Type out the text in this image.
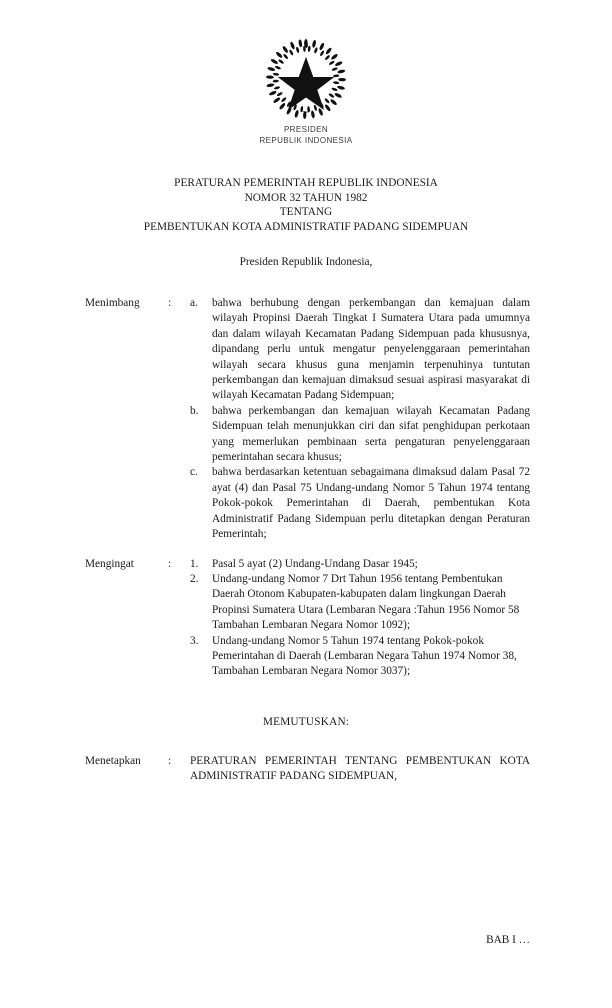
PRESIDEN
REPUBLIK INDONESIA
PERATURAN PEMERINTAH REPUBLIK INDONESIA
NOMOR 32 TAHUN 1982
TENTANG
PEMBENTUKAN KOTA ADMINISTRATIF PADANG SIDEMPUAN
Presiden Republik Indonesia,
Menimbang	:	a.	bahwa berhubung dengan perkembangan dan kemajuan dalam wilayah Propinsi Daerah Tingkat I Sumatera Utara pada umumnya dan dalam wilayah Kecamatan Padang Sidempuan pada khususnya, dipandang perlu untuk mengatur penyelenggaraan pemerintahan wilayah secara khusus guna menjamin terpenuhinya tuntutan perkembangan dan kemajuan dimaksud sesuai aspirasi masyarakat di wilayah Kecamatan Padang Sidempuan;
b.	bahwa perkembangan dan kemajuan wilayah Kecamatan Padang Sidempuan telah menunjukkan ciri dan sifat penghidupan perkotaan yang memerlukan pembinaan serta pengaturan penyelenggaraan pemerintahan secara khusus;
c.	bahwa berdasarkan ketentuan sebagaimana dimaksud dalam Pasal 72 ayat (4) dan Pasal 75 Undang-undang Nomor 5 Tahun 1974 tentang Pokok-pokok Pemerintahan di Daerah, pembentukan Kota Administratif Padang Sidempuan perlu ditetapkan dengan Peraturan Pemerintah;
Mengingat	:	1.	Pasal 5 ayat (2) Undang-Undang Dasar 1945;
2.	Undang-undang Nomor 7 Drt Tahun 1956 tentang Pembentukan Daerah Otonom Kabupaten-kabupaten dalam lingkungan Daerah Propinsi Sumatera Utara (Lembaran Negara :Tahun 1956 Nomor 58 Tambahan Lembaran Negara Nomor 1092);
3.	Undang-undang Nomor 5 Tahun 1974 tentang Pokok-pokok Pemerintahan di Daerah (Lembaran Negara Tahun 1974 Nomor 38, Tambahan Lembaran Negara Nomor 3037);
MEMUTUSKAN:
Menetapkan	:	PERATURAN PEMERINTAH TENTANG PEMBENTUKAN KOTA ADMINISTRATIF PADANG SIDEMPUAN,
BAB I …
